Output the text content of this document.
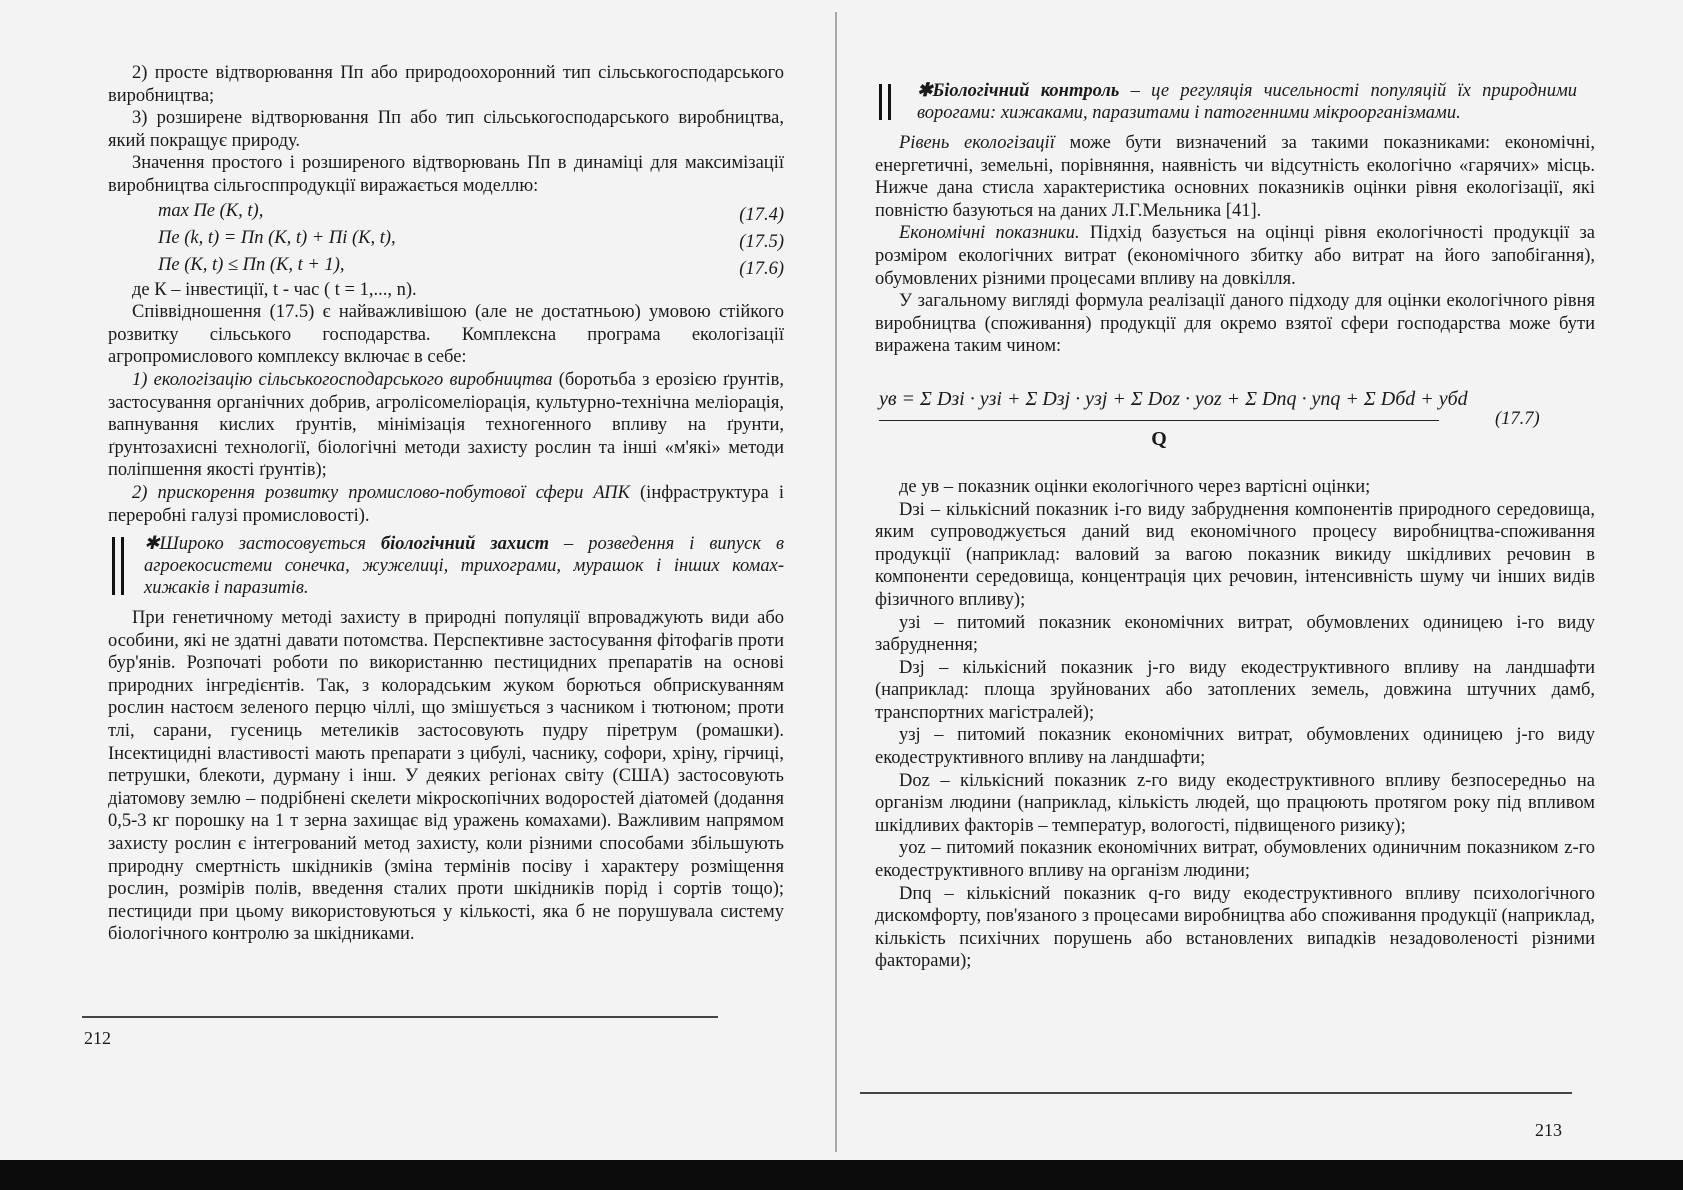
2) просте відтворювання Пп або природоохоронний тип сільськогосподарського виробництва;

3) розширене відтворювання Пп або тип сільськогосподарського виробництва, який покращує природу.

Значення простого і розширеного відтворювань Пп в динаміці для максимізації виробництва сільгосппродукції виражається моделлю:

max Пе (K, t),	(17.4)
Пе (k, t) = Пп (K, t) + Пі (K, t),	(17.5)
Пе (K, t) ≤ Пп (K, t + 1),	(17.6)

де К – інвестиції, t - час ( t = 1,..., n).

Співвідношення (17.5) є найважливішою (але не достатньою) умовою стійкого розвитку сільського господарства. Комплексна програма екологізації агропромислового комплексу включає в себе:

1) екологізацію сільськогосподарського виробництва (боротьба з ерозією ґрунтів, застосування органічних добрив, агролісомеліорація, культурно-технічна меліорація, вапнування кислих ґрунтів, мінімізація техногенного впливу на ґрунти, ґрунтозахисні технології, біологічні методи захисту рослин та інші «м'які» методи поліпшення якості ґрунтів);

2) прискорення розвитку промислово-побутової сфери АПК (інфраструктура і переробні галузі промисловості).

✱Широко застосовується біологічний захист – розведення і випуск в агроекосистеми сонечка, жужелиці, трихограми, мурашок і інших комах-хижаків і паразитів.

При генетичному методі захисту в природні популяції впроваджують види або особини, які не здатні давати потомства. Перспективне застосування фітофагів проти бур'янів. Розпочаті роботи по використанню пестицидних препаратів на основі природних інгредієнтів. Так, з колорадським жуком борються обприскуванням рослин настоєм зеленого перцю чіллі, що змішується з часником і тютюном; проти тлі, сарани, гусениць метеликів застосовують пудру піретрум (ромашки). Інсектицидні властивості мають препарати з цибулі, часнику, софори, хріну, гірчиці, петрушки, блекоти, дурману і інш. У деяких регіонах світу (США) застосовують діатомову землю – подрібнені скелети мікроскопічних водоростей діатомей (додання 0,5-3 кг порошку на 1 т зерна захищає від уражень комахами). Важливим напрямом захисту рослин є інтегрований метод захисту, коли різними способами збільшують природну смертність шкідників (зміна термінів посіву і характеру розміщення рослин, розмірів полів, введення сталих проти шкідників порід і сортів тощо); пестициди при цьому використовуються у кількості, яка б не порушувала систему біологічного контролю за шкідниками.

212
✱Біологічний контроль – це регуляція чисельності популяцій їх природними ворогами: хижаками, паразитами і патогенними мікроорганізмами.

Рівень екологізації може бути визначений за такими показниками: економічні, енергетичні, земельні, порівняння, наявність чи відсутність екологічно «гарячих» місць. Нижче дана стисла характеристика основних показників оцінки рівня екологізації, які повністю базуються на даних Л.Г.Мельника [41].

Економічні показники. Підхід базується на оцінці рівня екологічності продукції за розміром екологічних витрат (економічного збитку або витрат на його запобігання), обумовлених різними процесами впливу на довкілля.

У загальному вигляді формула реалізації даного підходу для оцінки екологічного рівня виробництва (споживання) продукції для окремо взятої сфери господарства може бути виражена таким чином:

yв = Σ Dзі · yзі + Σ Dзj · yзj + Σ Dоz · yоz + Σ Dпq · yпq + Σ Dбd + yбd
Q
(17.7)

де yв – показник оцінки екологічного через вартісні оцінки;

Dзі – кількісний показник і-го виду забруднення компонентів природного середовища, яким супроводжується даний вид економічного процесу виробництва-споживання продукції (наприклад: валовий за вагою показник викиду шкідливих речовин в компоненти середовища, концентрація цих речовин, інтенсивність шуму чи інших видів фізичного впливу);

yзі – питомий показник економічних витрат, обумовлених одиницею і-го виду забруднення;

Dзj – кількісний показник j-го виду екодеструктивного впливу на ландшафти (наприклад: площа зруйнованих або затоплених земель, довжина штучних дамб, транспортних магістралей);

yзj – питомий показник економічних витрат, обумовлених одиницею j-го виду екодеструктивного впливу на ландшафти;

Dоz – кількісний показник z-го виду екодеструктивного впливу безпосередньо на організм людини (наприклад, кількість людей, що працюють протягом року під впливом шкідливих факторів – температур, вологості, підвищеного ризику);

yоz – питомий показник економічних витрат, обумовлених одиничним показником z-го екодеструктивного впливу на організм людини;

Dпq – кількісний показник q-го виду екодеструктивного впливу психологічного дискомфорту, пов'язаного з процесами виробництва або споживання продукції (наприклад, кількість психічних порушень або встановлених випадків незадоволеності різними факторами);

213
